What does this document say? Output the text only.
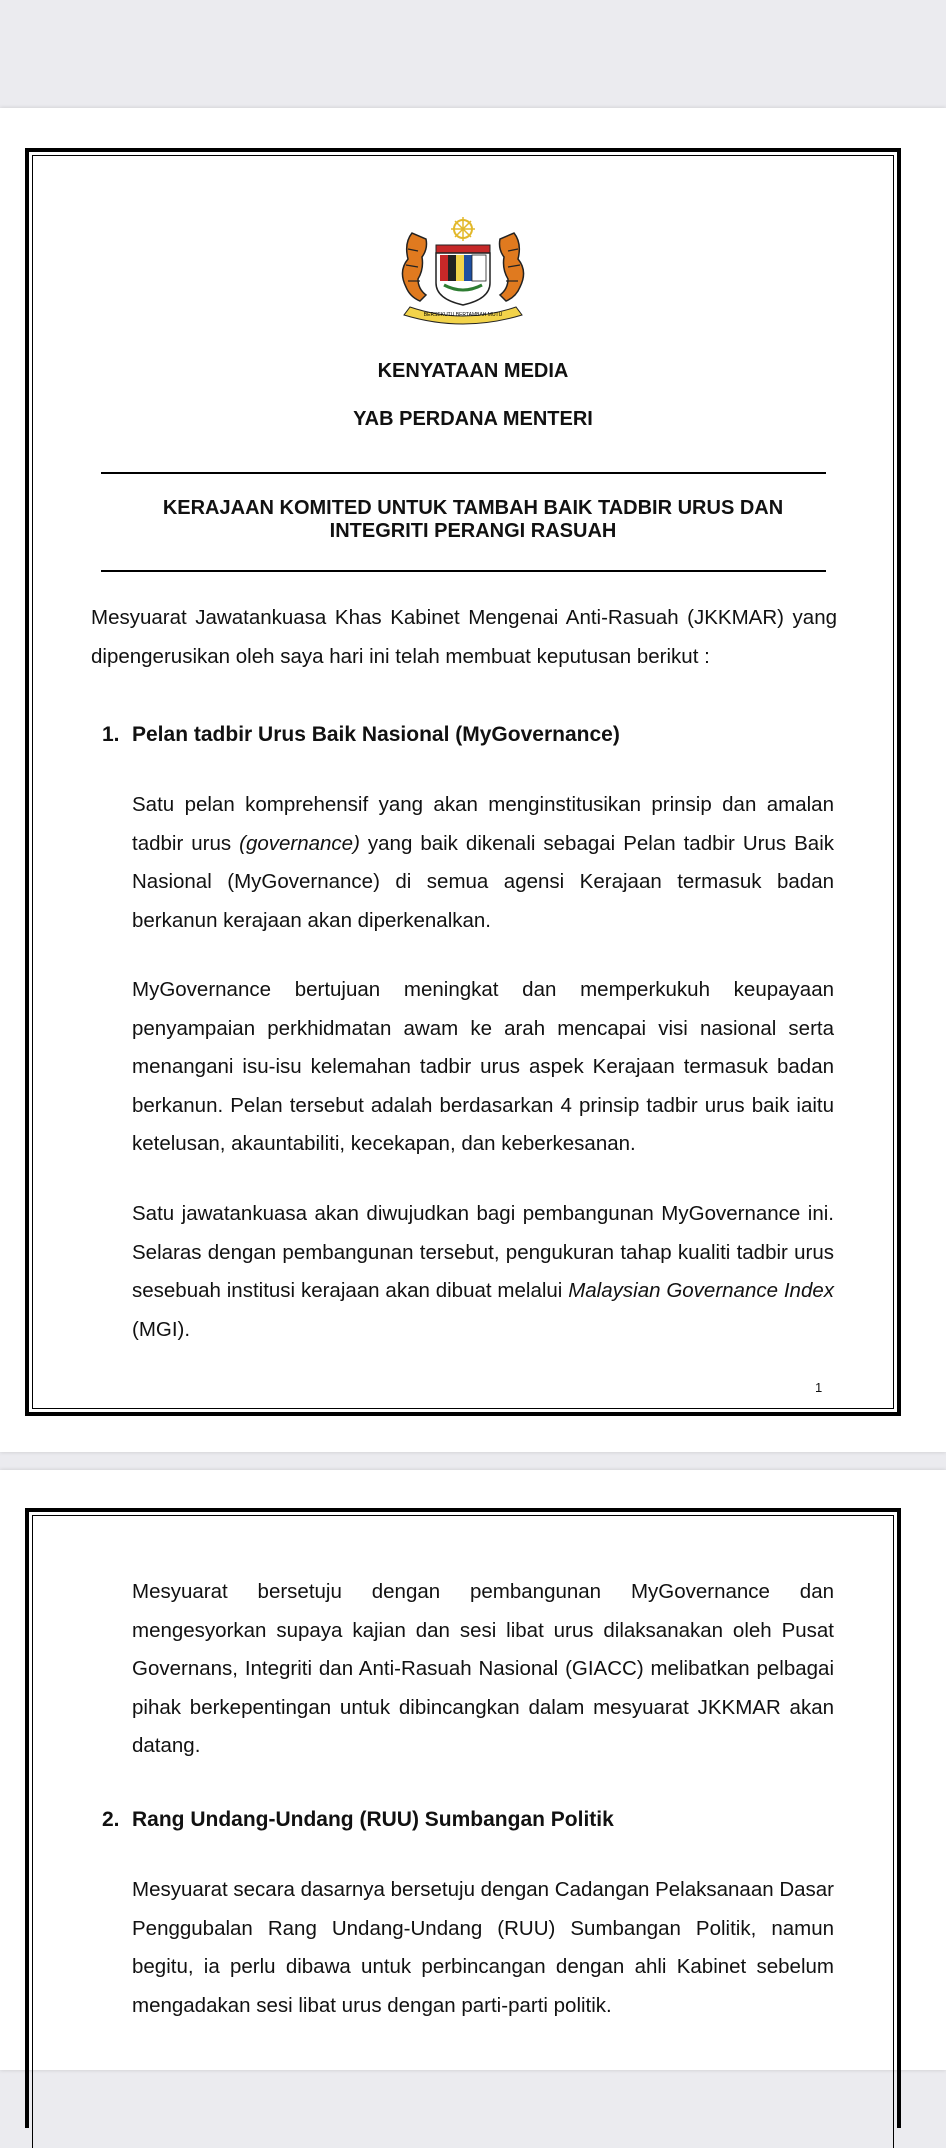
BERSEKUTU BERTAMBAH MUTU
KENYATAAN MEDIA
YAB PERDANA MENTERI
KERAJAAN KOMITED UNTUK TAMBAH BAIK TADBIR URUS DAN
INTEGRITI PERANGI RASUAH

Mesyuarat Jawatankuasa Khas Kabinet Mengenai Anti-Rasuah (JKKMAR) yang dipengerusikan oleh saya hari ini telah membuat keputusan berikut :

1. Pelan tadbir Urus Baik Nasional (MyGovernance)

Satu pelan komprehensif yang akan menginstitusikan prinsip dan amalan tadbir urus (governance) yang baik dikenali sebagai Pelan tadbir Urus Baik Nasional (MyGovernance) di semua agensi Kerajaan termasuk badan berkanun kerajaan akan diperkenalkan.

MyGovernance bertujuan meningkat dan memperkukuh keupayaan penyampaian perkhidmatan awam ke arah mencapai visi nasional serta menangani isu-isu kelemahan tadbir urus aspek Kerajaan termasuk badan berkanun. Pelan tersebut adalah berdasarkan 4 prinsip tadbir urus baik iaitu ketelusan, akauntabiliti, kecekapan, dan keberkesanan.

Satu jawatankuasa akan diwujudkan bagi pembangunan MyGovernance ini. Selaras dengan pembangunan tersebut, pengukuran tahap kualiti tadbir urus sesebuah institusi kerajaan akan dibuat melalui Malaysian Governance Index (MGI).

1

Mesyuarat bersetuju dengan pembangunan MyGovernance dan mengesyorkan supaya kajian dan sesi libat urus dilaksanakan oleh Pusat Governans, Integriti dan Anti-Rasuah Nasional (GIACC) melibatkan pelbagai pihak berkepentingan untuk dibincangkan dalam mesyuarat JKKMAR akan datang.

2. Rang Undang-Undang (RUU) Sumbangan Politik

Mesyuarat secara dasarnya bersetuju dengan Cadangan Pelaksanaan Dasar Penggubalan Rang Undang-Undang (RUU) Sumbangan Politik, namun begitu, ia perlu dibawa untuk perbincangan dengan ahli Kabinet sebelum mengadakan sesi libat urus dengan parti-parti politik.
